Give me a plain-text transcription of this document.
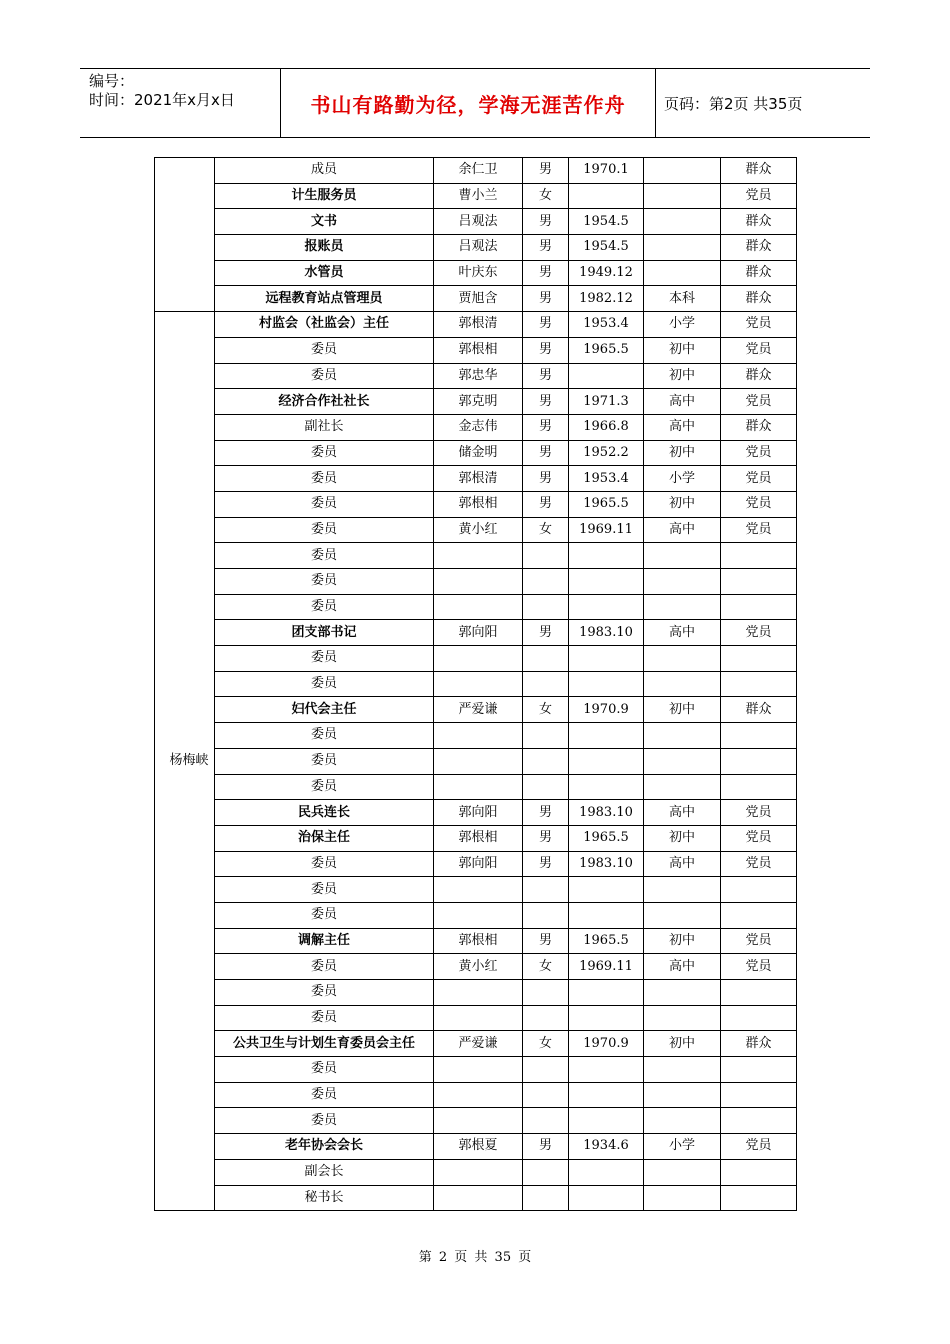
编号：
时间：2021年x月x日	书山有路勤为径，学海无涯苦作舟	页码：第2页 共35页
	成员	余仁卫	男	1970.1		群众
	计生服务员	曹小兰	女			党员
	文书	吕观法	男	1954.5		群众
	报账员	吕观法	男	1954.5		群众
	水管员	叶庆东	男	1949.12		群众
	远程教育站点管理员	贾旭含	男	1982.12	本科	群众
杨梅峡	村监会（社监会）主任	郭根清	男	1953.4	小学	党员
	委员	郭根相	男	1965.5	初中	党员
	委员	郭忠华	男		初中	群众
	经济合作社社长	郭克明	男	1971.3	高中	党员
	副社长	金志伟	男	1966.8	高中	群众
	委员	储金明	男	1952.2	初中	党员
	委员	郭根清	男	1953.4	小学	党员
	委员	郭根相	男	1965.5	初中	党员
	委员	黄小红	女	1969.11	高中	党员
	委员					
	委员					
	委员					
	团支部书记	郭向阳	男	1983.10	高中	党员
	委员					
	委员					
	妇代会主任	严爱谦	女	1970.9	初中	群众
	委员					
	委员					
	委员					
	民兵连长	郭向阳	男	1983.10	高中	党员
	治保主任	郭根相	男	1965.5	初中	党员
	委员	郭向阳	男	1983.10	高中	党员
	委员					
	委员					
	调解主任	郭根相	男	1965.5	初中	党员
	委员	黄小红	女	1969.11	高中	党员
	委员					
	委员					
	公共卫生与计划生育委员会主任	严爱谦	女	1970.9	初中	群众
	委员					
	委员					
	委员					
	老年协会会长	郭根夏	男	1934.6	小学	党员
	副会长					
	秘书长					
第 2 页 共 35 页
